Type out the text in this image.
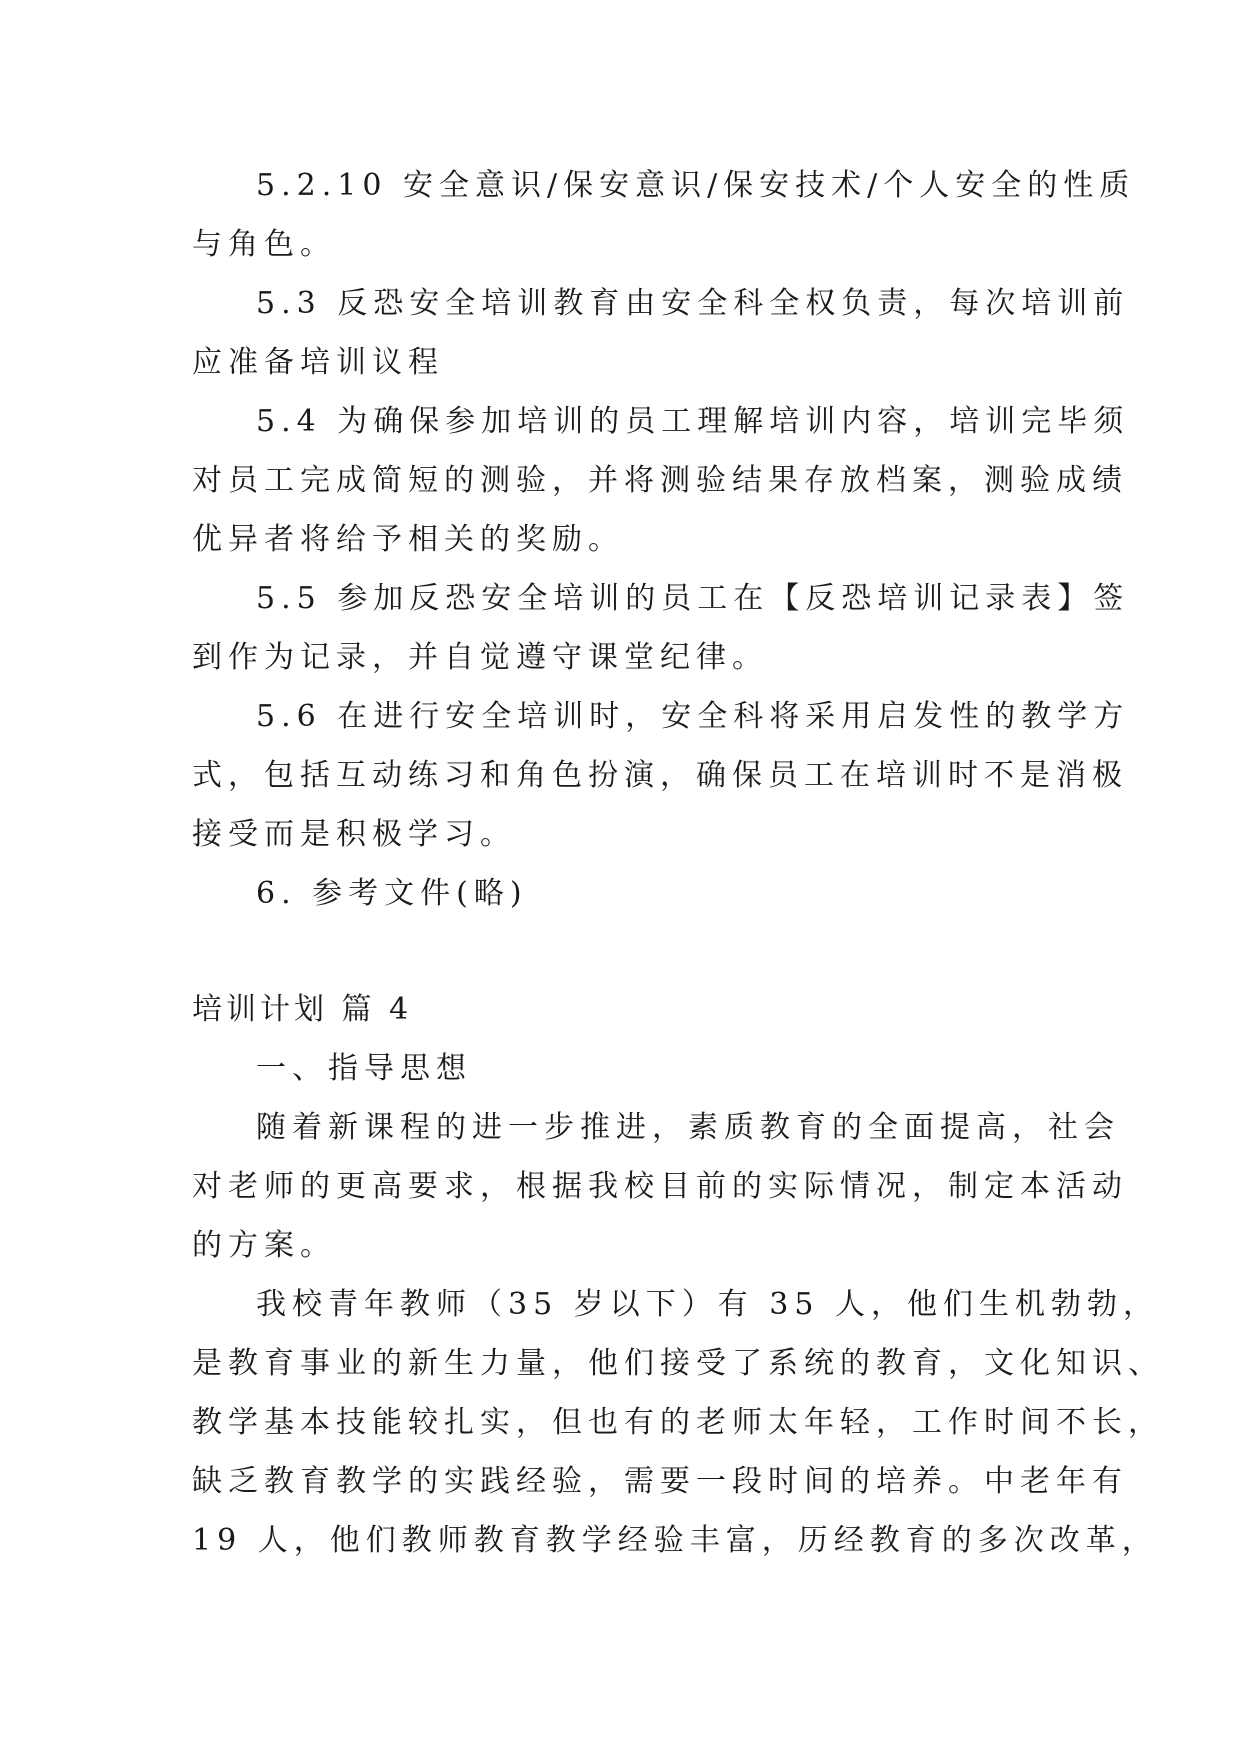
5.2.10 安全意识/保安意识/保安技术/个人安全的性质
与角色。
5.3 反恐安全培训教育由安全科全权负责，每次培训前
应准备培训议程
5.4 为确保参加培训的员工理解培训内容，培训完毕须
对员工完成简短的测验，并将测验结果存放档案，测验成绩
优异者将给予相关的奖励。
5.5 参加反恐安全培训的员工在【反恐培训记录表】签
到作为记录，并自觉遵守课堂纪律。
5.6 在进行安全培训时，安全科将采用启发性的教学方
式，包括互动练习和角色扮演，确保员工在培训时不是消极
接受而是积极学习。
6. 参考文件(略)
培训计划 篇 4
一、指导思想
随着新课程的进一步推进，素质教育的全面提高，社会
对老师的更高要求，根据我校目前的实际情况，制定本活动
的方案。
我校青年教师（35 岁以下）有 35 人，他们生机勃勃，
是教育事业的新生力量，他们接受了系统的教育，文化知识、
教学基本技能较扎实，但也有的老师太年轻，工作时间不长，
缺乏教育教学的实践经验，需要一段时间的培养。中老年有
19 人，他们教师教育教学经验丰富，历经教育的多次改革，
